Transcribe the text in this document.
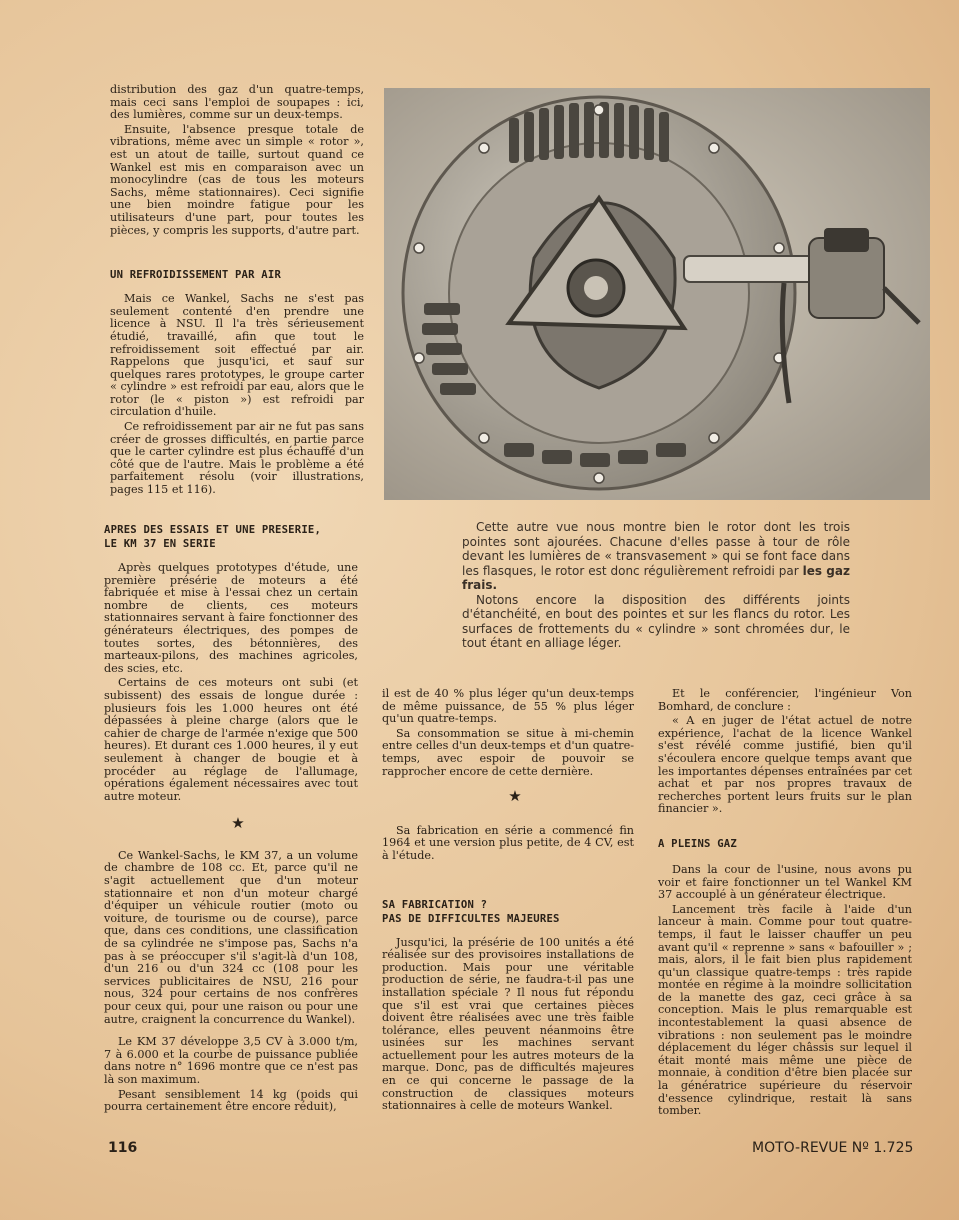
distribution des gaz d'un quatre-temps, mais ceci sans l'emploi de soupapes : ici, des lumières, comme sur un deux-temps.

Ensuite, l'absence presque totale de vibrations, même avec un simple « rotor », est un atout de taille, surtout quand ce Wankel est mis en comparaison avec un monocylindre (cas de tous les moteurs Sachs, même stationnaires). Ceci signifie une bien moindre fatigue pour les utilisateurs d'une part, pour toutes les pièces, y compris les supports, d'autre part.

UN REFROIDISSEMENT PAR AIR

Mais ce Wankel, Sachs ne s'est pas seulement contenté d'en prendre une licence à NSU. Il l'a très sérieusement étudié, travaillé, afin que tout le refroidissement soit effectué par air. Rappelons que jusqu'ici, et sauf sur quelques rares prototypes, le groupe carter « cylindre » est refroidi par eau, alors que le rotor (le « piston ») est refroidi par circulation d'huile.

Ce refroidissement par air ne fut pas sans créer de grosses difficultés, en partie parce que le carter cylindre est plus échauffé d'un côté que de l'autre. Mais le problème a été parfaitement résolu (voir illustrations, pages 115 et 116).

APRES DES ESSAIS ET UNE PRESERIE,

LE KM 37 EN SERIE

Après quelques prototypes d'étude, une première présérie de moteurs a été fabriquée et mise à l'essai chez un certain nombre de clients, ces moteurs stationnaires servant à faire fonctionner des générateurs électriques, des pompes de toutes sortes, des bétonnières, des marteaux-pilons, des machines agricoles, des scies, etc.

Certains de ces moteurs ont subi (et subissent) des essais de longue durée : plusieurs fois les 1.000 heures ont été dépassées à pleine charge (alors que le cahier de charge de l'armée n'exige que 500 heures). Et durant ces 1.000 heures, il y eut seulement à changer de bougie et à procéder au réglage de l'allumage, opérations également nécessaires avec tout autre moteur.

★

Ce Wankel-Sachs, le KM 37, a un volume de chambre de 108 cc. Et, parce qu'il ne s'agit actuellement que d'un moteur stationnaire et non d'un moteur chargé d'équiper un véhicule routier (moto ou voiture, de tourisme ou de course), parce que, dans ces conditions, une classification de sa cylindrée ne s'impose pas, Sachs n'a pas à se préoccuper s'il s'agit-là d'un 108, d'un 216 ou d'un 324 cc (108 pour les services publicitaires de NSU, 216 pour nous, 324 pour certains de nos confrères pour ceux qui, pour une raison ou pour une autre, craignent la concurrence du Wankel).

Le KM 37 développe 3,5 CV à 3.000 t/m, 7 à 6.000 et la courbe de puissance publiée dans notre n° 1696 montre que ce n'est pas là son maximum.

Pesant sensiblement 14 kg (poids qui pourra certainement être encore réduit),

Cette autre vue nous montre bien le rotor dont les trois pointes sont ajourées. Chacune d'elles passe à tour de rôle devant les lumières de « transvasement » qui se font face dans les flasques, le rotor est donc régulièrement refroidi par les gaz frais.

Notons encore la disposition des différents joints d'étanchéité, en bout des pointes et sur les flancs du rotor. Les surfaces de frottements du « cylindre » sont chromées dur, le tout étant en alliage léger.

il est de 40 % plus léger qu'un deux-temps de même puissance, de 55 % plus léger qu'un quatre-temps.

Sa consommation se situe à mi-chemin entre celles d'un deux-temps et d'un quatre-temps, avec espoir de pouvoir se rapprocher encore de cette dernière.

★

Sa fabrication en série a commencé fin 1964 et une version plus petite, de 4 CV, est à l'étude.

SA FABRICATION ?

PAS DE DIFFICULTES MAJEURES

Jusqu'ici, la présérie de 100 unités a été réalisée sur des provisoires installations de production. Mais pour une véritable production de série, ne faudra-t-il pas une installation spéciale ? Il nous fut répondu que s'il est vrai que certaines pièces doivent être réalisées avec une très faible tolérance, elles peuvent néanmoins être usinées sur les machines servant actuellement pour les autres moteurs de la marque. Donc, pas de difficultés majeures en ce qui concerne le passage de la construction de classiques moteurs stationnaires à celle de moteurs Wankel.

Et le conférencier, l'ingénieur Von Bomhard, de conclure :

« A en juger de l'état actuel de notre expérience, l'achat de la licence Wankel s'est révélé comme justifié, bien qu'il s'écoulera encore quelque temps avant que les importantes dépenses entraînées par cet achat et par nos propres travaux de recherches portent leurs fruits sur le plan financier ».

A PLEINS GAZ

Dans la cour de l'usine, nous avons pu voir et faire fonctionner un tel Wankel KM 37 accouplé à un générateur électrique.

Lancement très facile à l'aide d'un lanceur à main. Comme pour tout quatre-temps, il faut le laisser chauffer un peu avant qu'il « reprenne » sans « bafouiller » ; mais, alors, il le fait bien plus rapidement qu'un classique quatre-temps : très rapide montée en régime à la moindre sollicitation de la manette des gaz, ceci grâce à sa conception. Mais le plus remarquable est incontestablement la quasi absence de vibrations : non seulement pas le moindre déplacement du léger châssis sur lequel il était monté mais même une pièce de monnaie, à condition d'être bien placée sur la génératrice supérieure du réservoir d'essence cylindrique, restait là sans tomber.

116	MOTO-REVUE Nº 1.725
